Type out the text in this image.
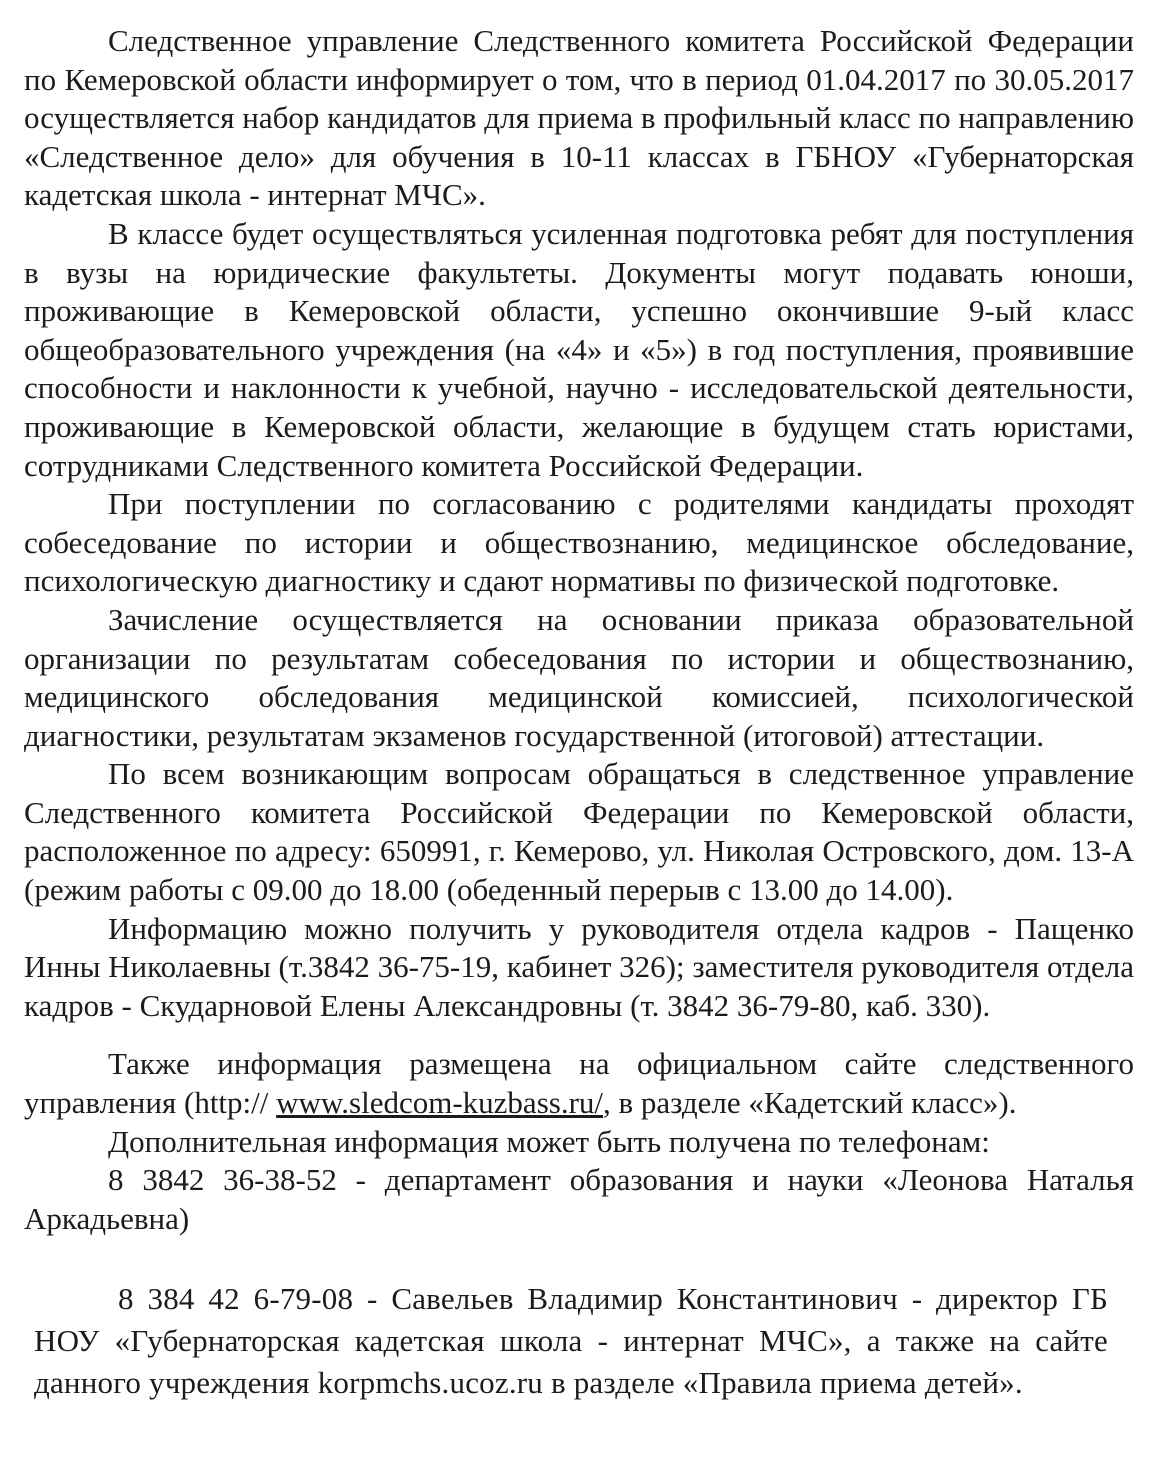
Следственное управление Следственного комитета Российской Федерации по Кемеровской области информирует о том, что в период 01.04.2017 по 30.05.2017 осуществляется набор кандидатов для приема в профильный класс по направлению «Следственное дело» для обучения в 10-11 классах в ГБНОУ «Губернаторская кадетская школа - интернат МЧС».

В классе будет осуществляться усиленная подготовка ребят для поступления в вузы на юридические факультеты. Документы могут подавать юноши, проживающие в Кемеровской области, успешно окончившие 9-ый класс общеобразовательного учреждения (на «4» и «5») в год поступления, проявившие способности и наклонности к учебной, научно - исследовательской деятельности, проживающие в Кемеровской области, желающие в будущем стать юристами, сотрудниками Следственного комитета Российской Федерации.

При поступлении по согласованию с родителями кандидаты проходят собеседование по истории и обществознанию, медицинское обследование, психологическую диагностику и сдают нормативы по физической подготовке.

Зачисление осуществляется на основании приказа образовательной организации по результатам собеседования по истории и обществознанию, медицинского обследования медицинской комиссией, психологической диагностики, результатам экзаменов государственной (итоговой) аттестации.

По всем возникающим вопросам обращаться в следственное управление Следственного комитета Российской Федерации по Кемеровской области, расположенное по адресу: 650991, г. Кемерово, ул. Николая Островского, дом. 13-А (режим работы с 09.00 до 18.00 (обеденный перерыв с 13.00 до 14.00).

Информацию можно получить у руководителя отдела кадров - Пащенко Инны Николаевны (т.3842 36-75-19, кабинет 326); заместителя руководителя отдела кадров - Скударновой Елены Александровны (т. 3842 36-79-80, каб. 330).

Также информация размещена на официальном сайте следственного управления (http:// www.sledcom-kuzbass.ru/, в разделе «Кадетский класс»).

Дополнительная информация может быть получена по телефонам:

8 3842 36-38-52 - департамент образования и науки «Леонова Наталья Аркадьевна)

8 384 42 6-79-08 - Савельев Владимир Константинович - директор ГБ НОУ «Губернаторская кадетская школа - интернат МЧС», а также на сайте данного учреждения korpmchs.ucoz.ru в разделе «Правила приема детей».
